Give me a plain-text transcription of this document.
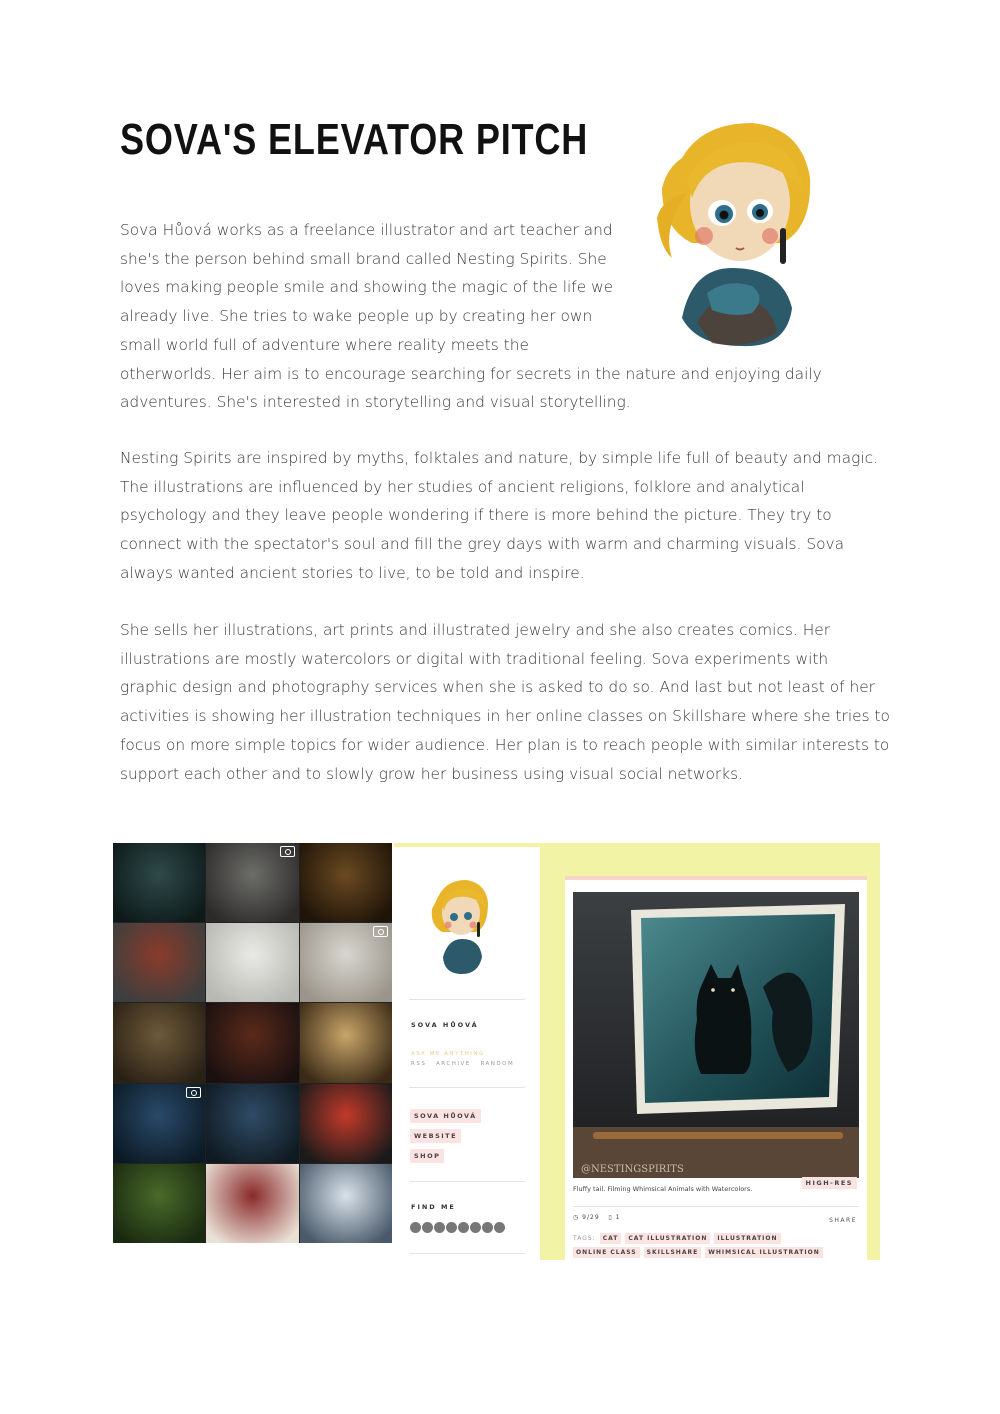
SOVA'S ELEVATOR PITCH
Sova Hůová works as a freelance illustrator and art teacher and she's the person behind small brand called Nesting Spirits. She loves making people smile and showing the magic of the life we already live. She tries to wake people up by creating her own small world full of adventure where reality meets the otherworlds. Her aim is to encourage searching for secrets in the nature and enjoying daily adventures. She's interested in storytelling and visual storytelling.

Nesting Spirits are inspired by myths, folktales and nature, by simple life full of beauty and magic. The illustrations are influenced by her studies of ancient religions, folklore and analytical psychology and they leave people wondering if there is more behind the picture. They try to connect with the spectator's soul and fill the grey days with warm and charming visuals. Sova always wanted ancient stories to live, to be told and inspire.

She sells her illustrations, art prints and illustrated jewelry and she also creates comics. Her illustrations are mostly watercolors or digital with traditional feeling. Sova experiments with graphic design and photography services when she is asked to do so. And last but not least of her activities is showing her illustration techniques in her online classes on Skillshare where she tries to focus on more simple topics for wider audience. Her plan is to reach people with similar interests to support each other and to slowly grow her business using visual social networks.

SOVA HŮOVÁ
ASK ME ANYTHING
RSS   ARCHIVE   RANDOM
SOVA HŮOVÁ
WEBSITE
SHOP
FIND ME
@NESTINGSPIRITS
HIGH-RES
Fluffy tail. Filming Whimsical Animals with Watercolors.
◷ 9/29 ▯ 1	SHARE
TAGS: CAT CAT ILLUSTRATION ILLUSTRATION
ONLINE CLASS SKILLSHARE WHIMSICAL ILLUSTRATION
